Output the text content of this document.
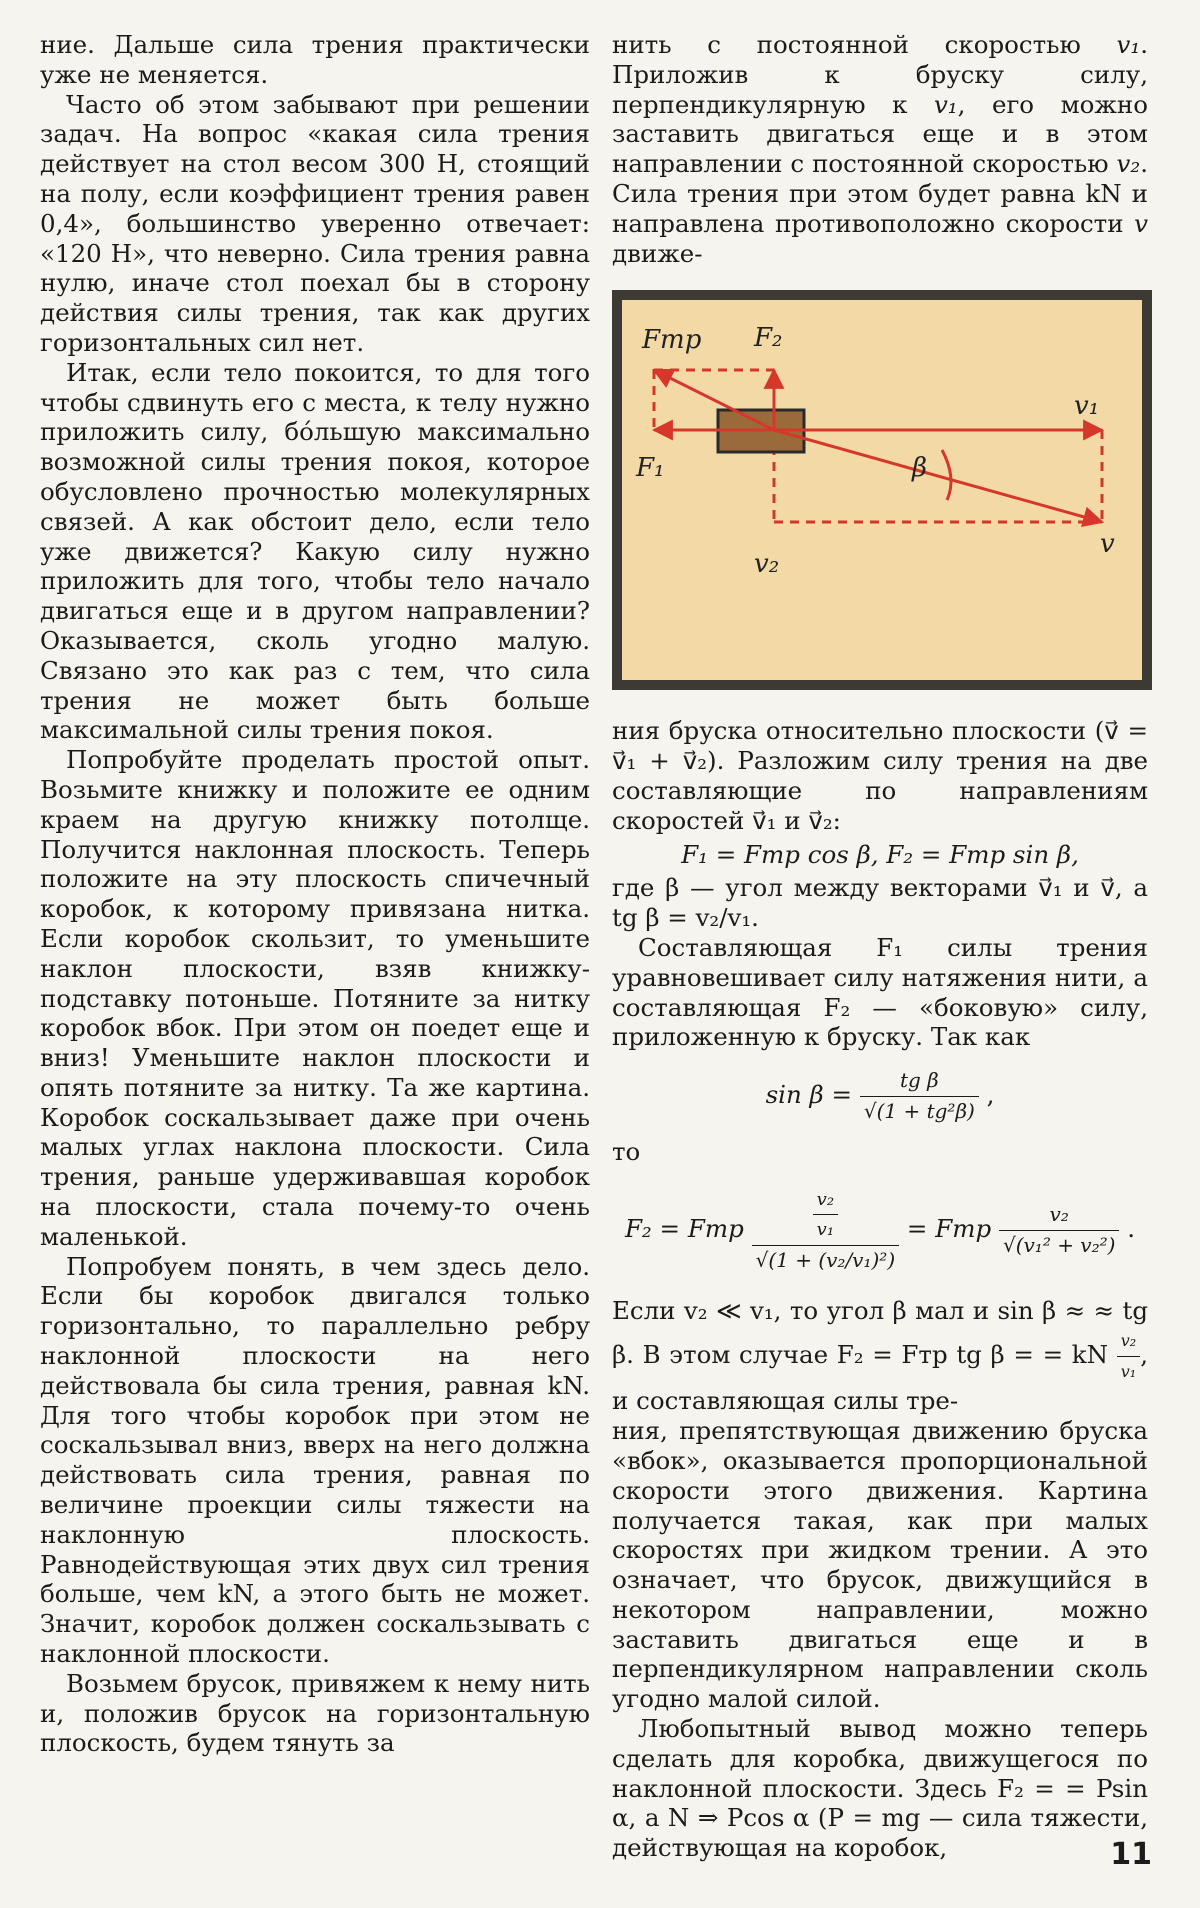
ние. Дальше сила трения практически уже не меняется.

Часто об этом забывают при решении задач. На вопрос «какая сила трения действует на стол весом 300 Н, стоящий на полу, если коэффициент трения равен 0,4», большинство уверенно отвечает: «120 Н», что неверно. Сила трения равна нулю, иначе стол поехал бы в сторону действия силы трения, так как других горизонтальных сил нет.

Итак, если тело покоится, то для того чтобы сдвинуть его с места, к телу нужно приложить силу, бо́льшую максимально возможной силы трения покоя, которое обусловлено прочностью молекулярных связей. А как обстоит дело, если тело уже движется? Какую силу нужно приложить для того, чтобы тело начало двигаться еще и в другом направлении? Оказывается, сколь угодно малую. Связано это как раз с тем, что сила трения не может быть больше максимальной силы трения покоя.

Попробуйте проделать простой опыт. Возьмите книжку и положите ее одним краем на другую книжку потолще. Получится наклонная плоскость. Теперь положите на эту плоскость спичечный коробок, к которому привязана нитка. Если коробок скользит, то уменьшите наклон плоскости, взяв книжку-подставку потоньше. Потяните за нитку коробок вбок. При этом он поедет еще и вниз! Уменьшите наклон плоскости и опять потяните за нитку. Та же картина. Коробок соскальзывает даже при очень малых углах наклона плоскости. Сила трения, раньше удерживавшая коробок на плоскости, стала почему-то очень маленькой.

Попробуем понять, в чем здесь дело. Если бы коробок двигался только горизонтально, то параллельно ребру наклонной плоскости на него действовала бы сила трения, равная kN. Для того чтобы коробок при этом не соскальзывал вниз, вверх на него должна действовать сила трения, равная по величине проекции силы тяжести на наклонную плоскость. Равнодействующая этих двух сил трения больше, чем kN, а этого быть не может. Значит, коробок должен соскальзывать с наклонной плоскости.

Возьмем брусок, привяжем к нему нить и, положив брусок на горизонтальную плоскость, будем тянуть за

нить с постоянной скоростью v₁. Приложив к бруску силу, перпендикулярную к v₁, его можно заставить двигаться еще и в этом направлении с постоянной скоростью v₂. Сила трения при этом будет равна kN и направлена противоположно скорости v движе-

Fтр F₂
F₁
v₁
v₂
v
β

ния бруска относительно плоскости (v⃗ = v⃗₁ + v⃗₂). Разложим силу трения на две составляющие по направлениям скоростей v⃗₁ и v⃗₂:

F₁ = Fтр cos β, F₂ = Fтр sin β,

где β — угол между векторами v⃗₁ и v⃗, а tg β = v₂/v₁.

Составляющая F₁ силы трения уравновешивает силу натяжения нити, а составляющая F₂ — «боковую» силу, приложенную к бруску. Так как

$\sin \beta = \frac{\text{tg β}}{\text{√(1 + tg²β)}}$ ,

то

F₂ = Fтр $\frac{\frac{\text{v₂}}{\text{v₁}}}{\text{√(1 + (v₂/v₁)²)}}$ = Fтр $\frac{\text{v₂}}{\text{√(v₁² + v₂²)}}$ .

Если v₂ ≪ v₁, то угол β мал и sin β ≈ ≈ tg β. В этом случае F₂ = Fтр tg β = = kN $\frac{\text{v₂}}{\text{v₁}}$ , и составляющая силы тре-

ния, препятствующая движению бруска «вбок», оказывается пропорциональной скорости этого движения. Картина получается такая, как при малых скоростях при жидком трении. А это означает, что брусок, движущийся в некотором направлении, можно заставить двигаться еще и в перпендикулярном направлении сколь угодно малой силой.

Любопытный вывод можно теперь сделать для коробка, движущегося по наклонной плоскости. Здесь F₂ = = Psin α, а N ⇒ Pcos α (P = mg — сила тяжести, действующая на коробок,	11
